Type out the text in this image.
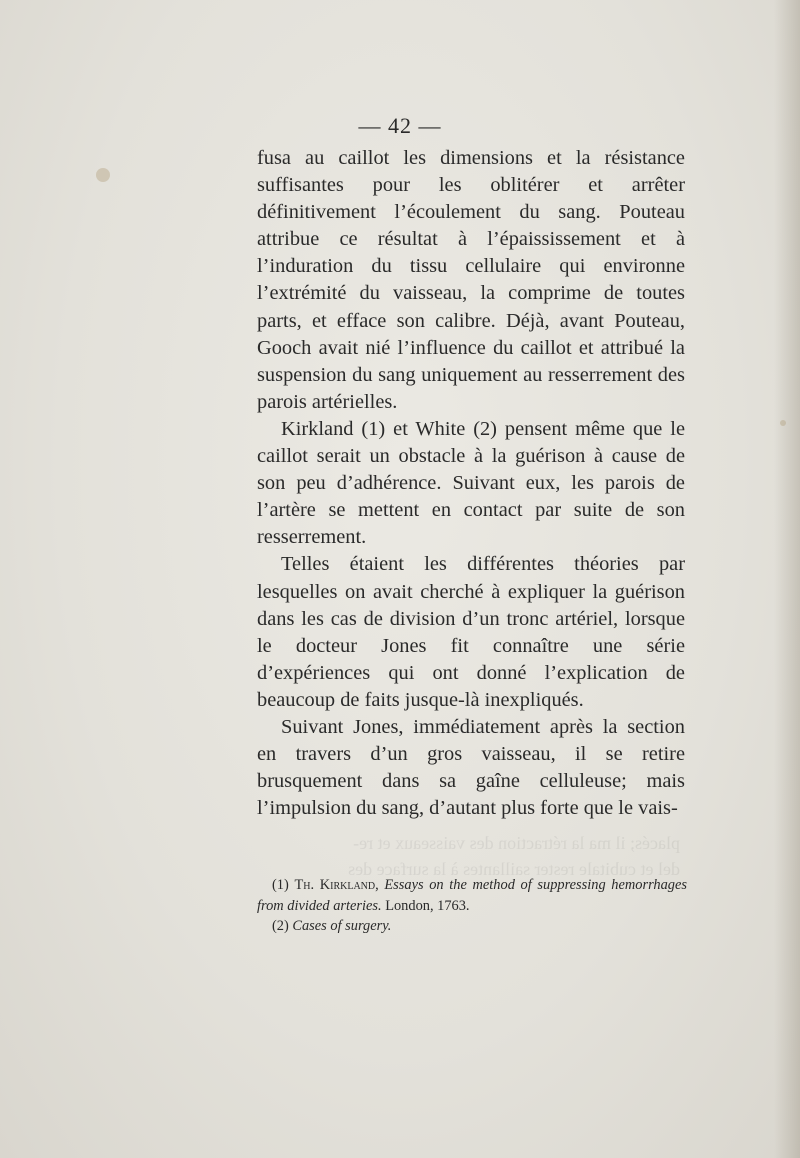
placés; il ma la rétraction des vaisseaux et re-
del et cubitale rester saillantes à la surface des
— 42 —

fusa au caillot les dimensions et la résistance suffisantes pour les oblitérer et arrêter définitivement l’écoulement du sang. Pouteau attribue ce résultat à l’épaississement et à l’induration du tissu cellulaire qui environne l’extrémité du vaisseau, la comprime de toutes parts, et efface son calibre. Déjà, avant Pouteau, Gooch avait nié l’influence du caillot et attribué la suspension du sang uniquement au resserrement des parois artérielles.

Kirkland (1) et White (2) pensent même que le caillot serait un obstacle à la guérison à cause de son peu d’adhérence. Suivant eux, les parois de l’artère se mettent en contact par suite de son resserrement.

Telles étaient les différentes théories par lesquelles on avait cherché à expliquer la guérison dans les cas de division d’un tronc artériel, lorsque le docteur Jones fit connaître une série d’expériences qui ont donné l’explication de beaucoup de faits jusque-là inexpliqués.

Suivant Jones, immédiatement après la section en travers d’un gros vaisseau, il se retire brusquement dans sa gaîne celluleuse; mais l’impulsion du sang, d’autant plus forte que le vais-

(1) Th. Kirkland, Essays on the method of suppressing hemorrhages from divided arteries. London, 1763.

(2) Cases of surgery.
